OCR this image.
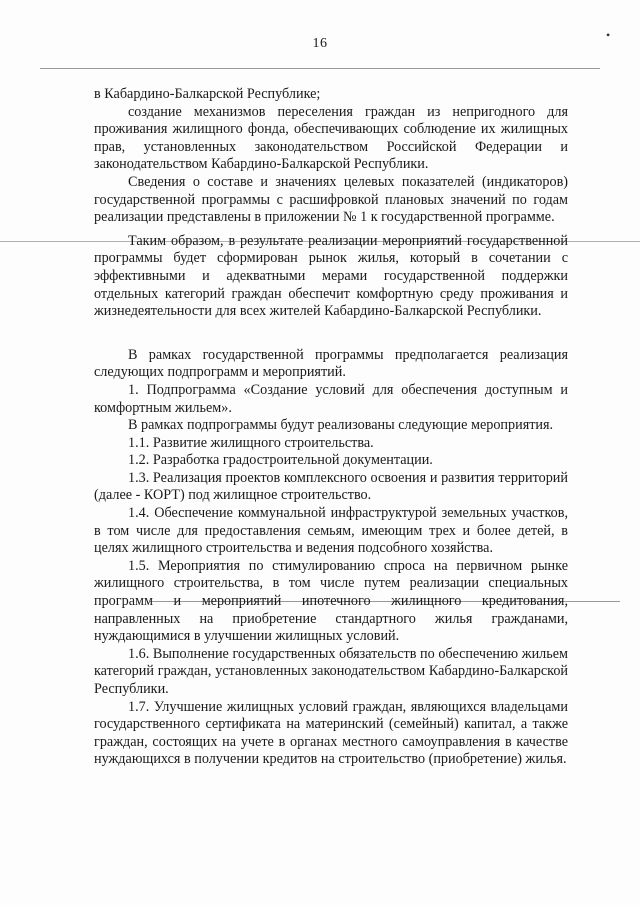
16
•

в Кабардино-Балкарской Республике;

создание механизмов переселения граждан из непригодного для проживания жилищного фонда, обеспечивающих соблюдение их жилищных прав, установленных законодательством Российской Федерации и законодательством Кабардино-Балкарской Республики.

Сведения о составе и значениях целевых показателей (индикаторов) государственной программы с расшифровкой плановых значений по годам реализации представлены в приложении № 1 к государственной программе.

Таким образом, в результате реализации мероприятий государственной программы будет сформирован рынок жилья, который в сочетании с эффективными и адекватными мерами государственной поддержки отдельных категорий граждан обеспечит комфортную среду проживания и жизнедеятельности для всех жителей Кабардино-Балкарской Республики.

В рамках государственной программы предполагается реализация следующих подпрограмм и мероприятий.

1. Подпрограмма «Создание условий для обеспечения доступным и комфортным жильем».

В рамках подпрограммы будут реализованы следующие мероприятия.

1.1. Развитие жилищного строительства.

1.2. Разработка градостроительной документации.

1.3. Реализация проектов комплексного освоения и развития территорий (далее - КОРТ) под жилищное строительство.

1.4. Обеспечение коммунальной инфраструктурой земельных участков, в том числе для предоставления семьям, имеющим трех и более детей, в целях жилищного строительства и ведения подсобного хозяйства.

1.5. Мероприятия по стимулированию спроса на первичном рынке жилищного строительства, в том числе путем реализации специальных программ и мероприятий ипотечного жилищного кредитования, направленных на приобретение стандартного жилья гражданами, нуждающимися в улучшении жилищных условий.

1.6. Выполнение государственных обязательств по обеспечению жильем категорий граждан, установленных законодательством Кабардино-Балкарской Республики.

1.7. Улучшение жилищных условий граждан, являющихся владельцами государственного сертификата на материнский (семейный) капитал, а также граждан, состоящих на учете в органах местного самоуправления в качестве нуждающихся в получении кредитов на строительство (приобретение) жилья.
